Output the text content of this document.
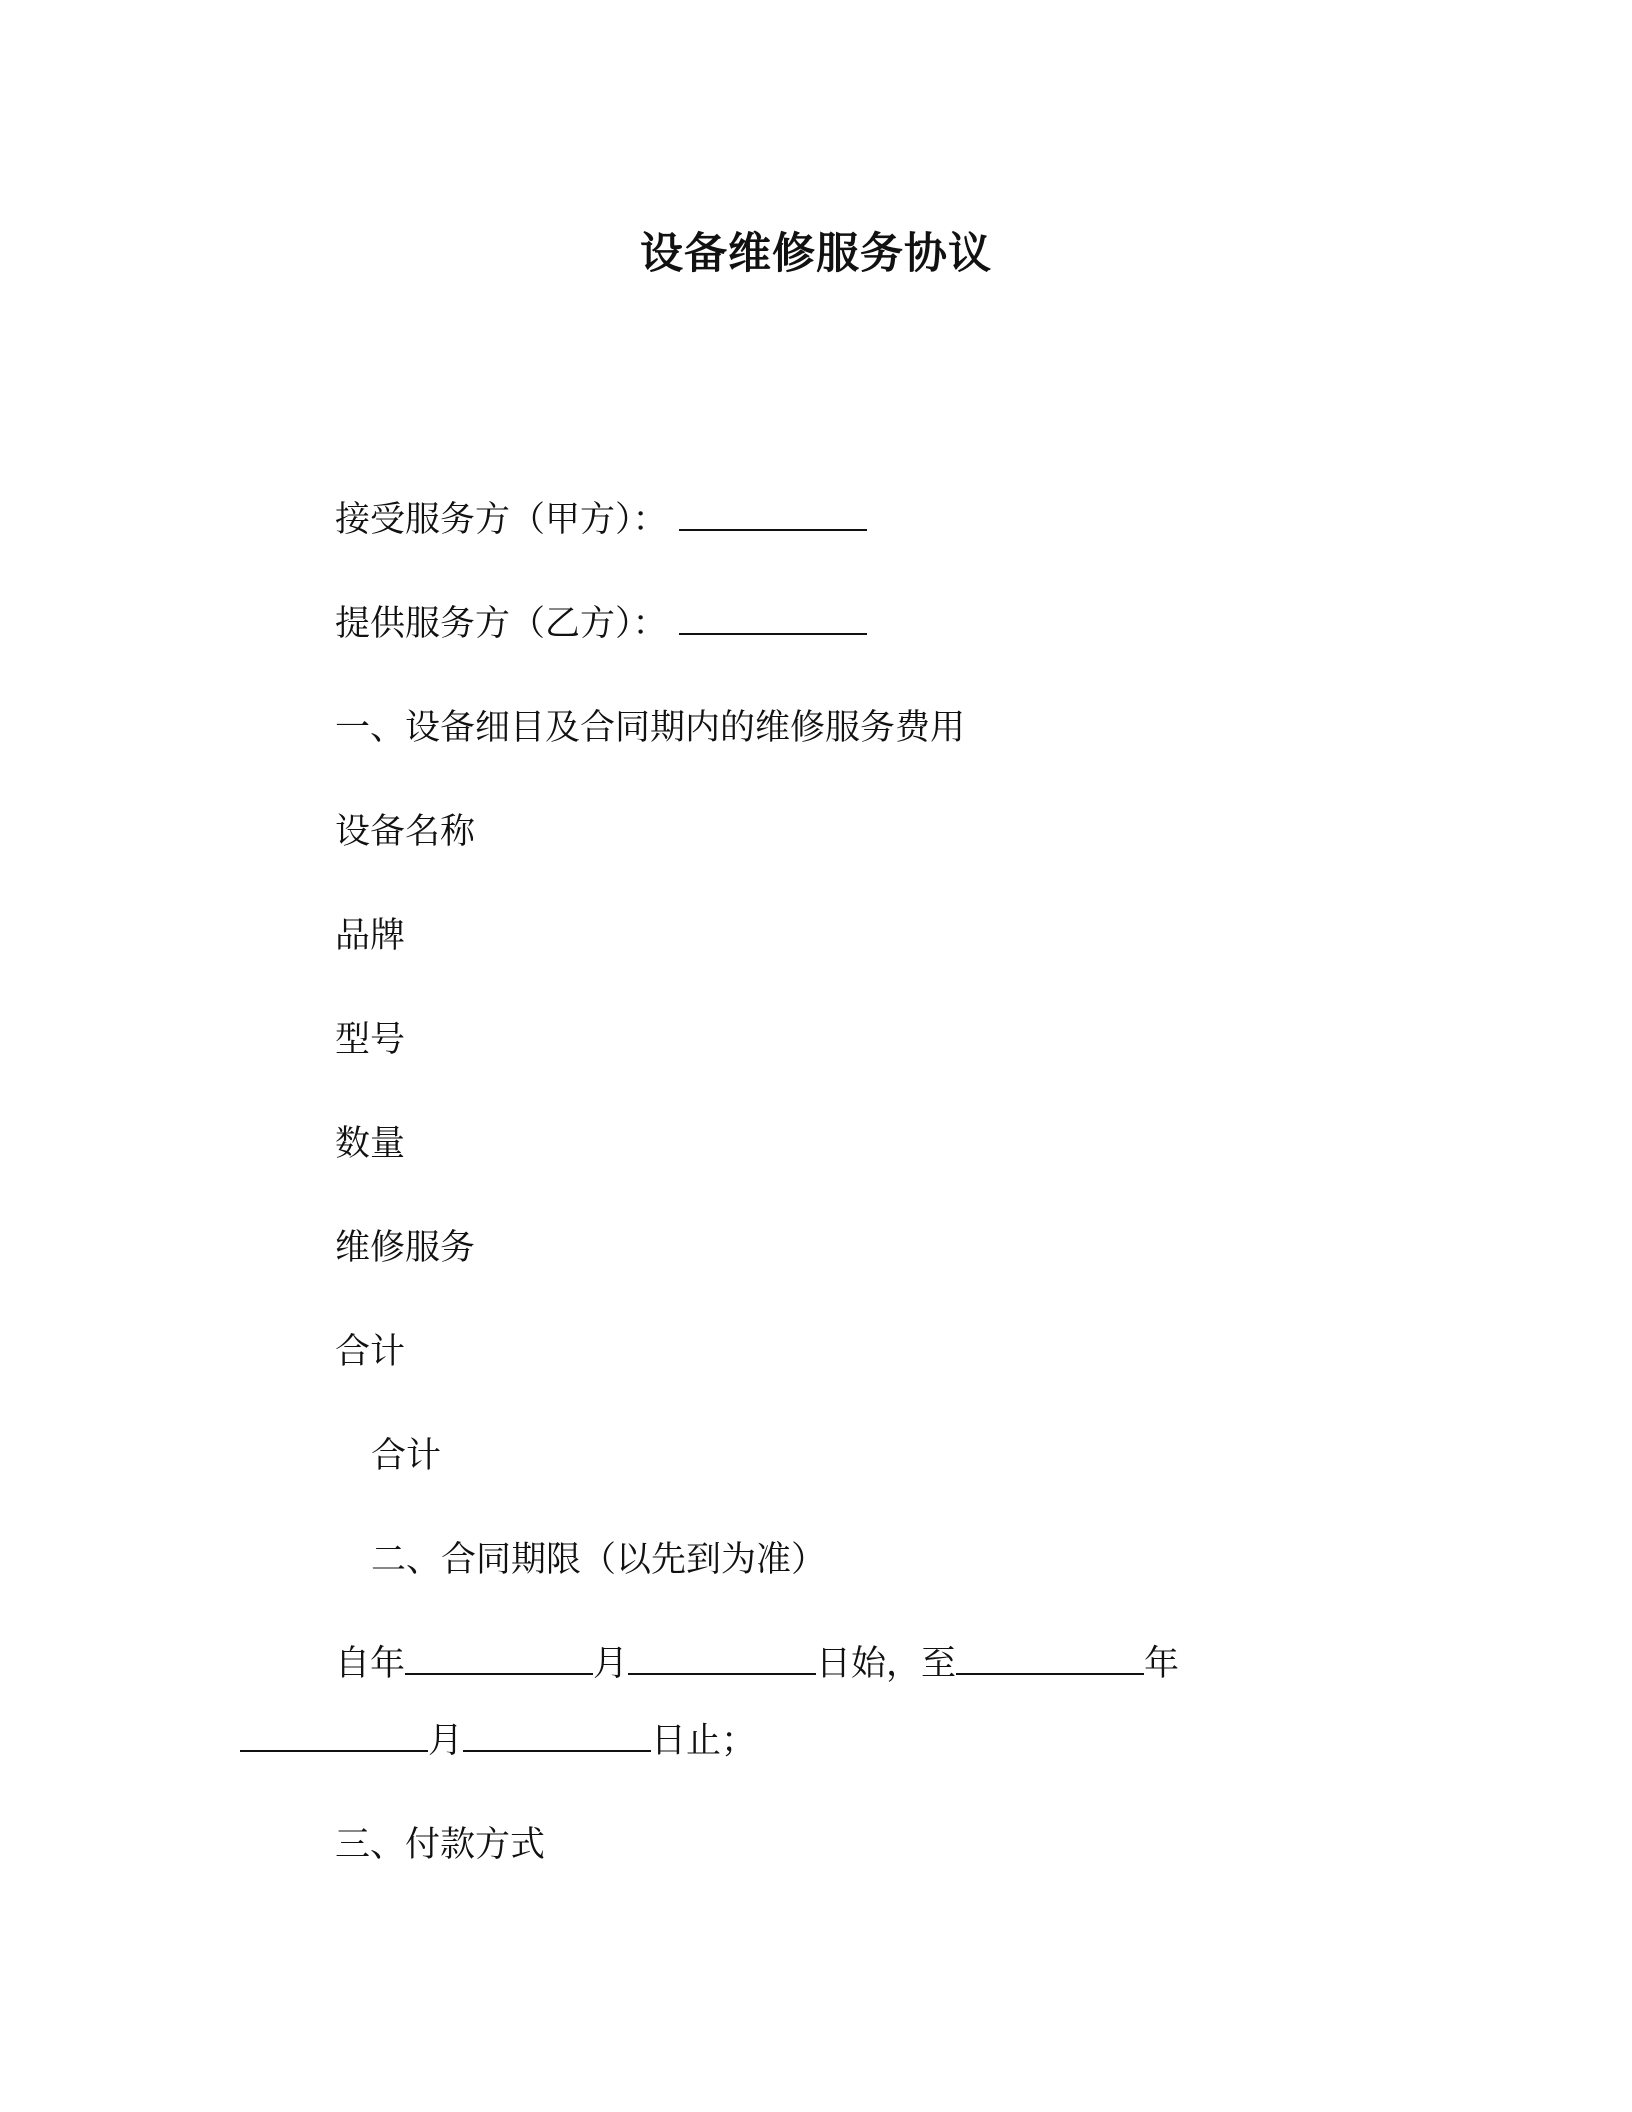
设备维修服务协议
接受服务方（甲方）：
提供服务方（乙方）：
一、设备细目及合同期内的维修服务费用
设备名称
品牌
型号
数量
维修服务
合计
合计
二、合同期限（以先到为准）
自年	月	日始，至	年
月	日止；
三、付款方式
